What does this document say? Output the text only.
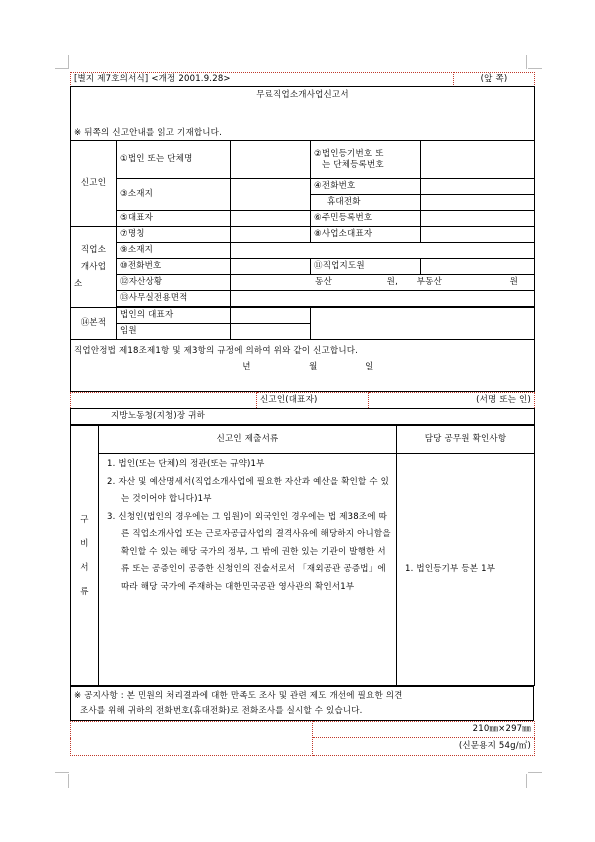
[별지 제7호의서식] <개정 2001.9.28>	(앞 쪽)
무료직업소개사업신고서				
※ 뒤쪽의 신고안내를 읽고 기재합니다.				
신고인	①법인 또는 단체명		②법인등기번호 또
는 단체등록번호	
	③소재지		④전화번호	
			휴대전화	
	⑤대표자		⑥주민등록번호	
직업소
개사업

소	⑦명칭		⑧사업소대표자	
	⑨소재지			
	⑩전화번호		⑪직업지도원	
	⑫자산상황	동산 원, 부동산 원		
	⑬사무실전용면적			

⑭본적	법인의 대표자			
	임원			

직업안정법 제18조제1항 및 제3항의 규정에 의하여 위와 같이 신고합니다.
년 월 일				
	신고인(대표자)	(서명 또는 인)
지방노동청(지청)장 귀하
구
비
서
류	신고인 제출서류	담당 공무원 확인사항

	1. 법인(또는 단체)의 정관(또는 규약)1부

2. 자산 및 예산명세서(직업소개사업에 필요한 자산과 예산을 확인할 수 있는 것이어야 합니다)1부

3. 신청인(법인의 경우에는 그 임원)이 외국인인 경우에는 법 제38조에 따른 직업소개사업 또는 근로자공급사업의 결격사유에 해당하지 아니함을 확인할 수 있는 해당 국가의 정부, 그 밖에 권한 있는 기관이 발행한 서류 또는 공증인이 공증한 신청인의 진술서로서 「재외공관 공증법」에 따라 해당 국가에 주재하는 대한민국공관 영사관의 확인서1부	1. 법인등기부 등본 1부
※ 공지사항 : 본 민원의 처리결과에 대한 만족도 조사 및 관련 제도 개선에 필요한 의견
조사를 위해 귀하의 전화번호(휴대전화)로 전화조사를 실시할 수 있습니다.
	210㎜×297㎜
(신문용지 54g/㎡)
